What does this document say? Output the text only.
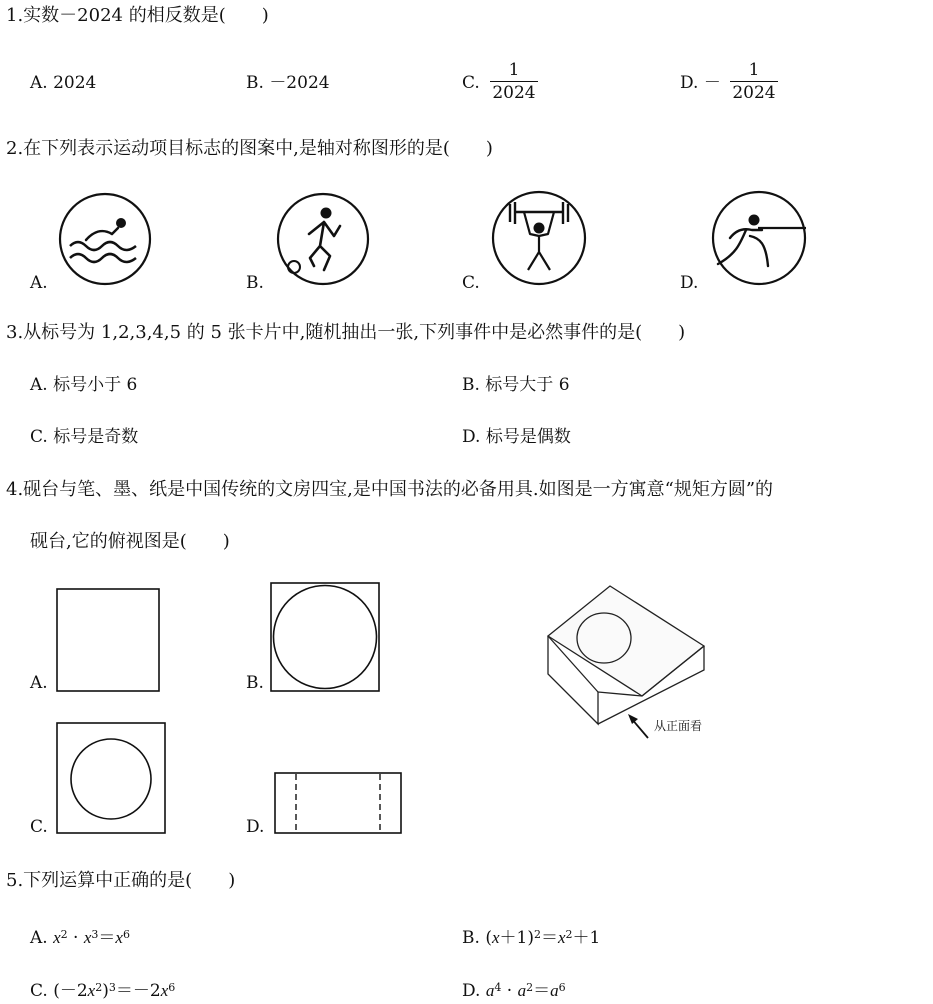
1.实数－2024 的相反数是(　　)
A. 2024	B. －2024	C.
1
2024	D. －
1
2024
2.在下列表示运动项目标志的图案中,是轴对称图形的是(　　)
A.	B.	C.	D.
3.从标号为 1,2,3,4,5 的 5 张卡片中,随机抽出一张,下列事件中是必然事件的是(　　)
A. 标号小于 6	B. 标号大于 6
C. 标号是奇数	D. 标号是偶数
4.砚台与笔、墨、纸是中国传统的文房四宝,是中国书法的必备用具.如图是一方寓意“规矩方圆”的
砚台,它的俯视图是(　　)
A.	B.
C.	D.
从正面看
5.下列运算中正确的是(　　)
A. $x^2 \cdot x^3=x^6$	B. $(x+1)^2=x^2+1$
C. $(-2x^2)^3=-2x^6$	D. $a^4 \cdot a^2=a^6$
